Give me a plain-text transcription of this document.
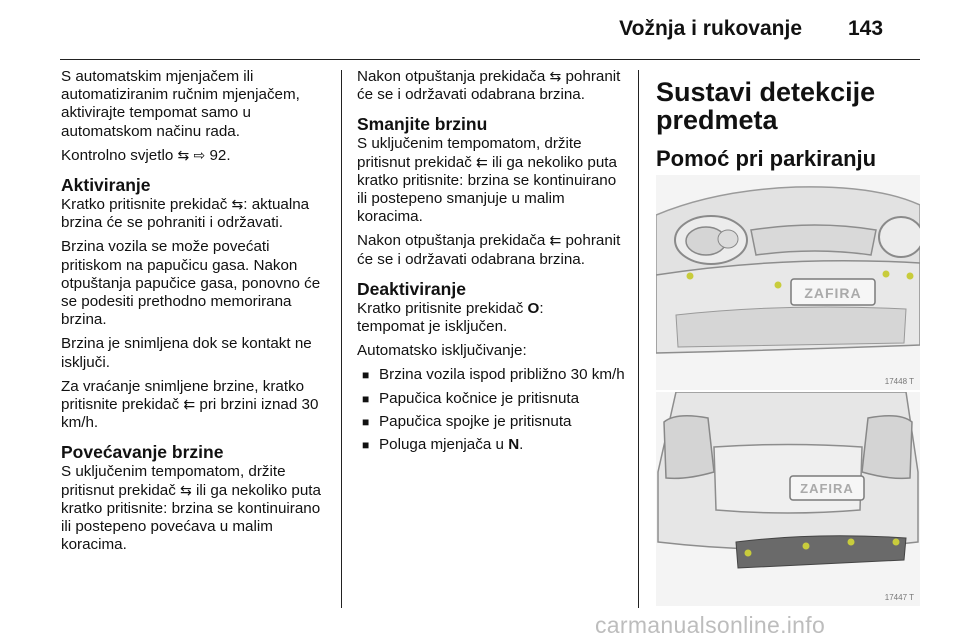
Vožnja i rukovanje 143

S automatskim mjenjačem ili automatiziranim ručnim mjenjačem, aktivirajte tempomat samo u automatskom načinu rada.

Kontrolno svjetlo ⇆ ⇨ 92.

Aktiviranje

Kratko pritisnite prekidač ⇆: aktualna brzina će se pohraniti i održavati.

Brzina vozila se može povećati pritiskom na papučicu gasa. Nakon otpuštanja papučice gasa, ponovno će se podesiti prethodno memorirana brzina.

Brzina je snimljena dok se kontakt ne isključi.

Za vraćanje snimljene brzine, kratko pritisnite prekidač ⇇ pri brzini iznad 30 km/h.

Povećavanje brzine

S uključenim tempomatom, držite pritisnut prekidač ⇆ ili ga nekoliko puta kratko pritisnite: brzina se kontinuirano ili postepeno povećava u malim koracima.

Nakon otpuštanja prekidača ⇆ pohranit će se i održavati odabrana brzina.

Smanjite brzinu

S uključenim tempomatom, držite pritisnut prekidač ⇇ ili ga nekoliko puta kratko pritisnite: brzina se kontinuirano ili postepeno smanjuje u malim koracima.

Nakon otpuštanja prekidača ⇇ pohranit će se i održavati odabrana brzina.

Deaktiviranje

Kratko pritisnite prekidač O:
tempomat je isključen.

Automatsko isključivanje:

■ Brzina vozila ispod približno 30 km/h
■ Papučica kočnice je pritisnuta
■ Papučica spojke je pritisnuta
■ Poluga mjenjača u N.
Sustavi detekcije predmeta
Pomoć pri parkiranju
ZAFIRA
17448 T
ZAFIRA
17447 T
carmanualsonline.info
